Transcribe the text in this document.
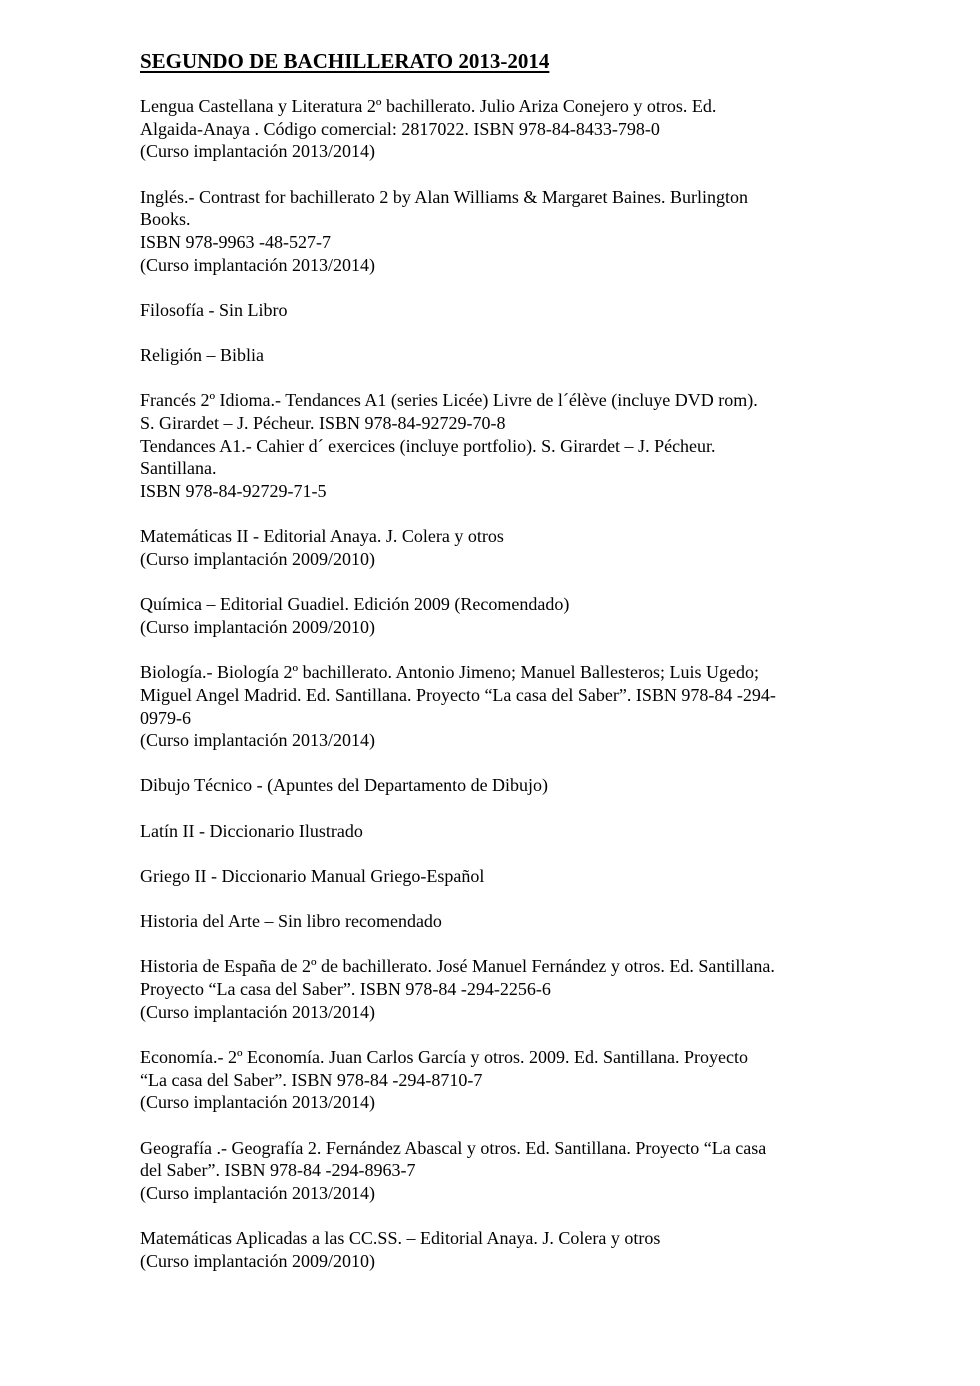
SEGUNDO DE BACHILLERATO 2013-2014
Lengua Castellana y Literatura 2º bachillerato. Julio Ariza Conejero y otros. Ed.
Algaida-Anaya . Código comercial: 2817022. ISBN 978-84-8433-798-0
(Curso implantación 2013/2014)
Inglés.- Contrast for bachillerato 2 by Alan Williams & Margaret Baines. Burlington
Books.
ISBN 978-9963 -48-527-7
(Curso implantación 2013/2014)
Filosofía - Sin Libro
Religión – Biblia
Francés 2º Idioma.- Tendances A1 (series Licée) Livre de l´élève (incluye DVD rom).
S. Girardet – J. Pécheur. ISBN 978-84-92729-70-8
Tendances A1.- Cahier d´ exercices (incluye portfolio). S. Girardet – J. Pécheur.
Santillana.
ISBN 978-84-92729-71-5
Matemáticas II - Editorial Anaya. J. Colera y otros
(Curso implantación 2009/2010)
Química – Editorial Guadiel. Edición 2009 (Recomendado)
(Curso implantación 2009/2010)
Biología.- Biología 2º bachillerato. Antonio Jimeno; Manuel Ballesteros; Luis Ugedo;
Miguel Angel Madrid. Ed. Santillana. Proyecto “La casa del Saber”. ISBN 978-84 -294-
0979-6
(Curso implantación 2013/2014)
Dibujo Técnico - (Apuntes del Departamento de Dibujo)
Latín II - Diccionario Ilustrado
Griego II - Diccionario Manual Griego-Español
Historia del Arte – Sin libro recomendado
Historia de España de 2º de bachillerato. José Manuel Fernández y otros. Ed. Santillana.
Proyecto “La casa del Saber”. ISBN 978-84 -294-2256-6
(Curso implantación 2013/2014)
Economía.- 2º Economía. Juan Carlos García y otros. 2009. Ed. Santillana. Proyecto
“La casa del Saber”. ISBN 978-84 -294-8710-7
(Curso implantación 2013/2014)
Geografía .- Geografía 2. Fernández Abascal y otros. Ed. Santillana. Proyecto “La casa
del Saber”. ISBN 978-84 -294-8963-7
(Curso implantación 2013/2014)
Matemáticas Aplicadas a las CC.SS. – Editorial Anaya. J. Colera y otros
(Curso implantación 2009/2010)
